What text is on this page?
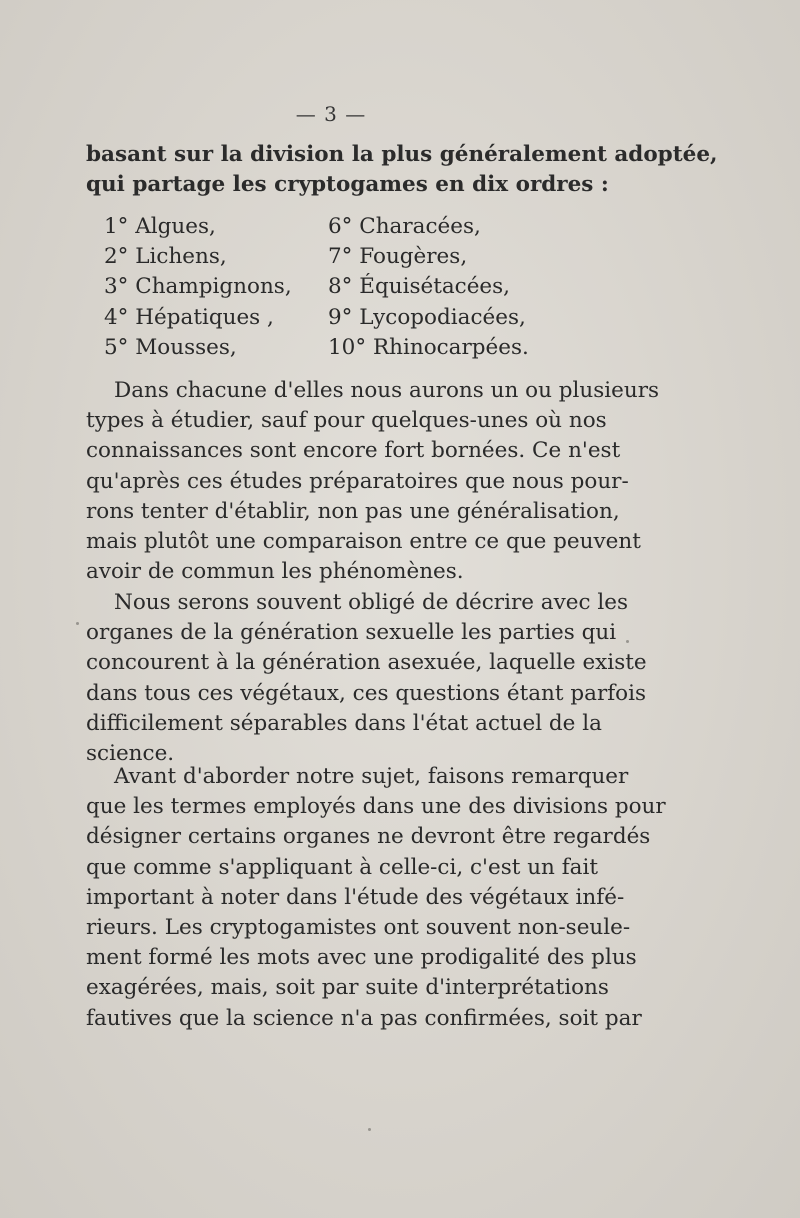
— 3 —
basant sur la division la plus généralement adoptée,
qui partage les cryptogames en dix ordres :
1° Algues,
2° Lichens,
3° Champignons,
4° Hépatiques ,
5° Mousses,
6° Characées,
7° Fougères,
8° Équisétacées,
9° Lycopodiacées,
10° Rhinocarpées.
Dans chacune d'elles nous aurons un ou plusieurs
types à étudier, sauf pour quelques-unes où nos
connaissances sont encore fort bornées. Ce n'est
qu'après ces études préparatoires que nous pour-
rons tenter d'établir, non pas une généralisation,
mais plutôt une comparaison entre ce que peuvent
avoir de commun les phénomènes.
Nous serons souvent obligé de décrire avec les
organes de la génération sexuelle les parties qui
concourent à la génération asexuée, laquelle existe
dans tous ces végétaux, ces questions étant parfois
difficilement séparables dans l'état actuel de la
science.
Avant d'aborder notre sujet, faisons remarquer
que les termes employés dans une des divisions pour
désigner certains organes ne devront être regardés
que comme s'appliquant à celle-ci, c'est un fait
important à noter dans l'étude des végétaux infé-
rieurs. Les cryptogamistes ont souvent non-seule-
ment formé les mots avec une prodigalité des plus
exagérées, mais, soit par suite d'interprétations
fautives que la science n'a pas confirmées, soit par
